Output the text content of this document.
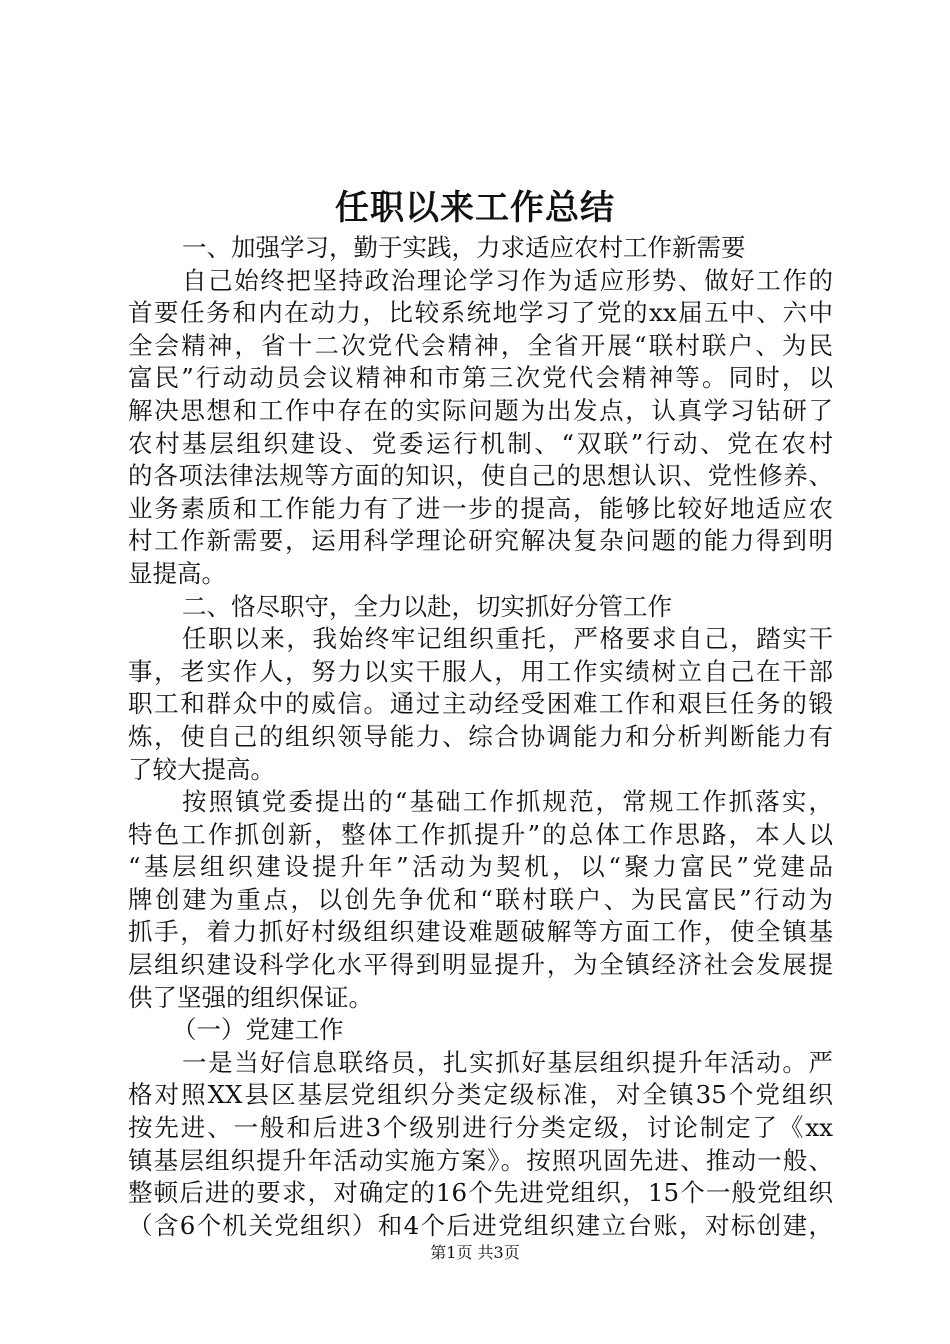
任职以来工作总结
一、加强学习，勤于实践，力求适应农村工作新需要
自己始终把坚持政治理论学习作为适应形势、做好工作的
首要任务和内在动力，比较系统地学习了党的xx届五中、六中
全会精神，省十二次党代会精神，全省开展“联村联户、为民
富民”行动动员会议精神和市第三次党代会精神等。同时，以
解决思想和工作中存在的实际问题为出发点，认真学习钻研了
农村基层组织建设、党委运行机制、“双联”行动、党在农村
的各项法律法规等方面的知识，使自己的思想认识、党性修养、
业务素质和工作能力有了进一步的提高，能够比较好地适应农
村工作新需要，运用科学理论研究解决复杂问题的能力得到明
显提高。
二、恪尽职守，全力以赴，切实抓好分管工作
任职以来，我始终牢记组织重托，严格要求自己，踏实干
事，老实作人，努力以实干服人，用工作实绩树立自己在干部
职工和群众中的威信。通过主动经受困难工作和艰巨任务的锻
炼，使自己的组织领导能力、综合协调能力和分析判断能力有
了较大提高。
按照镇党委提出的“基础工作抓规范，常规工作抓落实，
特色工作抓创新，整体工作抓提升”的总体工作思路，本人以
“基层组织建设提升年”活动为契机，以“聚力富民”党建品
牌创建为重点，以创先争优和“联村联户、为民富民”行动为
抓手，着力抓好村级组织建设难题破解等方面工作，使全镇基
层组织建设科学化水平得到明显提升，为全镇经济社会发展提
供了坚强的组织保证。
（一）党建工作
一是当好信息联络员，扎实抓好基层组织提升年活动。严
格对照XX县区基层党组织分类定级标准，对全镇35个党组织
按先进、一般和后进3个级别进行分类定级，讨论制定了《xx
镇基层组织提升年活动实施方案》。按照巩固先进、推动一般、
整顿后进的要求，对确定的16个先进党组织，15个一般党组织
（含6个机关党组织）和4个后进党组织建立台账，对标创建，
第1页 共3页
